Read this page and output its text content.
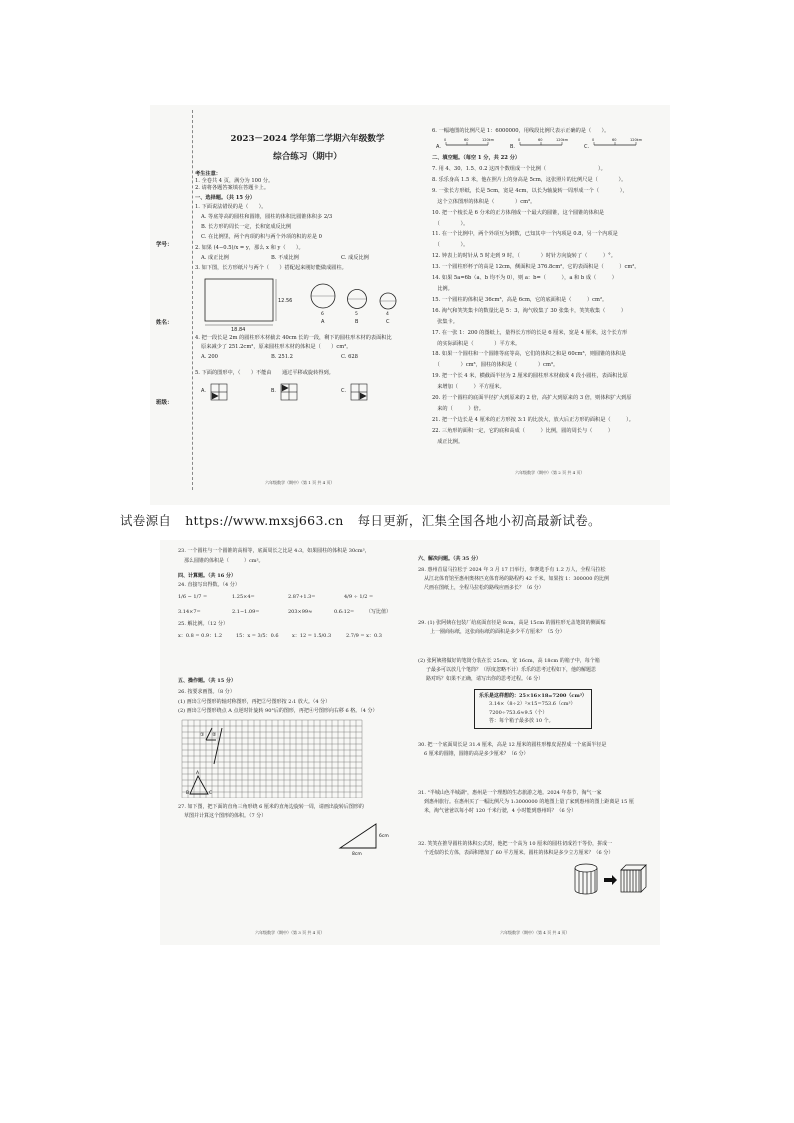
学号：
姓名：
班级：
2023－2024 学年第二学期六年级数学
综合练习（期中）
考生注意：
1. 全卷共 4 页，满分为 100 分。
2. 请将各题答案填在答题卡上。
一、选择题。（共 15 分）
1. 下面说法错误的是（　　）。
A. 等底等高的圆柱和圆锥，圆柱的体积比圆锥体积多 2/3
B. 长方形的周长一定，长和宽成反比例
C. 在比例里，两个内项的积与两个外项的积的差是 0
2. 如果 (4−0.5)/x = y，那么 x 和 y（　　）。
A. 成正比例	B. 不成比例	C. 成反比例
3. 如下图，长方形纸片与两个（　　）搭配起来刚好能做成圆柱。
12.56
18.84
6
A
5
B
4
C
4. 把一段长是 2m 的圆柱形木材截去 40cm 长的一段，剩下的圆柱形木材的表面积比
原来减少了 251.2cm²，原来圆柱形木材的体积是（　　）cm³。
A. 200	B. 251.2	C. 628
5. 下面的图形中，（　　）不能由　　通过平移或旋转得到。
A.	B.	C.
六年级数学（期中）（第 1 页 共 4 页）
6. 一幅地图的比例尺是 1：6000000，用线段比例尺表示正确的是（　　）。
A.
0	60	120km
B.
0	60	120km
C.
0	60	120km
二、填空题。（每空 1 分，共 22 分）
7. 用 4、30、1.5、0.2 这四个数组成一个比例（　　　　　　　　　　）。
8. 乐乐身高 1.5 米，他在照片上的身高是 5cm，这张照片的比例尺是（　　　　）。
9. 一张长方形纸，长是 5cm，宽是 4cm，以长为轴旋转一周形成一个（　　　　），
　这个立体图形的体积是（　　　　）cm³。
10. 把一个棱长是 6 分米的正方体削成一个最大的圆锥，这个圆锥的体积是
　（　　　　）。
11. 在一个比例中，两个外项互为倒数，已知其中一个内项是 0.8，另一个内项是
　（　　　　）。
12. 钟表上的时针从 5 时走到 9 时，（　　　　）时针方向旋转了（　　　）°。
13. 一个圆柱形杯子的高是 12cm，侧面积是 376.8cm²，它的表面积是（　　　）cm²。
14. 如果 5a=6b（a、b 均不为 0），则 a：b=（　　　），a 和 b 成（　　　）
　比例。
15. 一个圆柱的体积是 36cm³，高是 6cm，它的底面积是（　　　）cm²。
16. 淘气和笑笑集卡的数量比是 5：3，淘气收集了 30 张集卡，笑笑收集（　　　）
　张集卡。
17. 在一张 1：200 的图纸上，量得长方形的长是 6 厘米，宽是 4 厘米，这个长方形
　的实际面积是（　　　　）平方米。
18. 如果一个圆柱和一个圆锥等底等高，它们的体积之和是 60cm³，则圆锥的体积是
　（　　　　）cm³，圆柱的体积是（　　　　）cm³。
19. 把一个长 4 米，横截面半径为 2 厘米的圆柱形木材截成 4 段小圆柱，表面积比原
　来增加（　　　）平方厘米。
20. 若一个圆柱的底面半径扩大到原来的 2 倍，高扩大到原来的 3 倍，则体积扩大到原
　来的（　　　）倍。
21. 把一个边长是 4 厘米的正方形按 3:1 的比放大，放大后正方形的面积是（　　　）。
22. 三角形的面积一定，它的底和高成（　　　）比例，圆的周长与（　　　）
　成正比例。
六年级数学（期中）（第 2 页 共 4 页）
试卷源自 https://www.mxsj663.cn 每日更新，汇集全国各地小初高最新试卷。
23. 一个圆柱与一个圆锥的高相等，底面周长之比是 4:3，如果圆柱的体积是 30cm³，
那么圆锥的体积是（　　　）cm³。
四、计算题。（共 16 分）
24. 直接写出得数。（4 分）
1/6 − 1/7 =	1.25×4=	2.87+1.3=	4/9 ÷ 1/2 =
3.14×7=	2.1−1.09=	203×99≈	0.6:12= （写比值）
25. 解比例。（12 分）
x：0.8 = 0.9：1.2	15：x = 3/5：0.6	x：12 = 1.5/0.3	2.7/9 = x：0.3
五、操作题。（共 15 分）
26. 按要求画图。（8 分）
(1) 画出①号图形的轴对称图形，再把②号图形按 2:1 放大。（4 分）
(2) 画出②号图形绕点 A 点逆时针旋转 90°后的图形，再把④号图形向右移 6 格。（4 分）
① ②
A
B	C
27. 如下图，把下面的直角三角形绕 6 厘米的直角边旋转一周，请画出旋转后图形的
草图并计算这个图形的体积。（7 分）
6cm
8cm
六年级数学（期中）（第 3 页 共 4 页）
六、解决问题。（共 35 分）
28. 惠州首届马拉松于 2024 年 3 月 17 日举行，参赛选手有 1.2 万人，全程马拉松
从江北体育馆至惠州奥林匹克体育场的路程约 42 千米。如果按 1：300000 的比例
尺画在图纸上，全程马拉松的路线应画多长？（6 分）
29. (1) 张阿姨在包装厂给底面直径是 8cm，高是 15cm 的圆柱形无盖笔筒的侧面贴
上一圈商标纸，这张商标纸的面积是多少平方厘米？（5 分）
(2) 张阿姨将做好的笔筒分装在长 25cm，宽 16cm，高 18cm 的箱子中，每个箱
子最多可以放几个笔筒？（厚度忽略不计）乐乐的思考过程如下，他的解题思
路对吗？如果不正确，请写出你的思考过程。（6 分）
乐乐是这样想的：25×16×18=7200（cm³）
3.14×（8÷2）²×15=753.6（cm³）
7200÷753.6≈9.5（个）
答：每个箱子最多放 10 个。
30. 把一个底面周长是 31.4 厘米，高是 12 厘米的圆柱形橡皮泥捏成一个底面半径是
6 厘米的圆锥，圆锥的高是多少厘米？（6 分）
31. "半城山色半城湖"，惠州是一个理想的生态旅游之地。2024 年春节，淘气一家
到惠州旅行。在惠州买了一幅比例尺为 1:3000000 的地图上量了家到惠州的图上距离是 15 厘
米，淘气爸爸以每小时 120 千米行驶，4 小时能到惠州吗？（6 分）
32. 笑笑在推导圆柱的体积公式时，他把一个高为 10 厘米的圆柱切成若干等份，拼成一
个近似的长方体，表面积增加了 60 平方厘米。圆柱的体积是多少立方厘米？（6 分）
六年级数学（期中）（第 4 页 共 4 页）
